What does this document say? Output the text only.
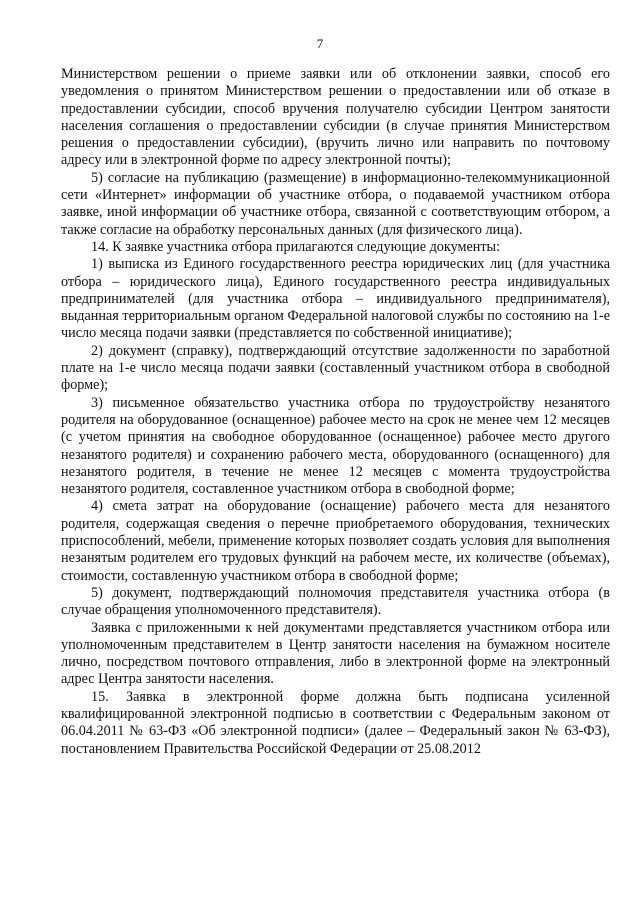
7

Министерством решении о приеме заявки или об отклонении заявки, способ его уведомления о принятом Министерством решении о предоставлении или об отказе в предоставлении субсидии, способ вручения получателю субсидии Центром занятости населения соглашения о предоставлении субсидии (в случае принятия Министерством решения о предоставлении субсидии), (вручить лично или направить по почтовому адресу или в электронной форме по адресу электронной почты);

5) согласие на публикацию (размещение) в информационно-телекоммуникационной сети «Интернет» информации об участнике отбора, о подаваемой участником отбора заявке, иной информации об участнике отбора, связанной с соответствующим отбором, а также согласие на обработку персональных данных (для физического лица).

14. К заявке участника отбора прилагаются следующие документы:

1) выписка из Единого государственного реестра юридических лиц (для участника отбора – юридического лица), Единого государственного реестра индивидуальных предпринимателей (для участника отбора – индивидуального предпринимателя), выданная территориальным органом Федеральной налоговой службы по состоянию на 1-е число месяца подачи заявки (представляется по собственной инициативе);

2) документ (справку), подтверждающий отсутствие задолженности по заработной плате на 1-е число месяца подачи заявки (составленный участником отбора в свободной форме);

3) письменное обязательство участника отбора по трудоустройству незанятого родителя на оборудованное (оснащенное) рабочее место на срок не менее чем 12 месяцев (с учетом принятия на свободное оборудованное (оснащенное) рабочее место другого незанятого родителя) и сохранению рабочего места, оборудованного (оснащенного) для незанятого родителя, в течение не менее 12 месяцев с момента трудоустройства незанятого родителя, составленное участником отбора в свободной форме;

4) смета затрат на оборудование (оснащение) рабочего места для незанятого родителя, содержащая сведения о перечне приобретаемого оборудования, технических приспособлений, мебели, применение которых позволяет создать условия для выполнения незанятым родителем его трудовых функций на рабочем месте, их количестве (объемах), стоимости, составленную участником отбора в свободной форме;

5) документ, подтверждающий полномочия представителя участника отбора (в случае обращения уполномоченного представителя).

Заявка с приложенными к ней документами представляется участником отбора или уполномоченным представителем в Центр занятости населения на бумажном носителе лично, посредством почтового отправления, либо в электронной форме на электронный адрес Центра занятости населения.

15. Заявка в электронной форме должна быть подписана усиленной квалифицированной электронной подписью в соответствии с Федеральным законом от 06.04.2011 № 63-ФЗ «Об электронной подписи» (далее – Федеральный закон № 63-ФЗ), постановлением Правительства Российской Федерации от 25.08.2012
